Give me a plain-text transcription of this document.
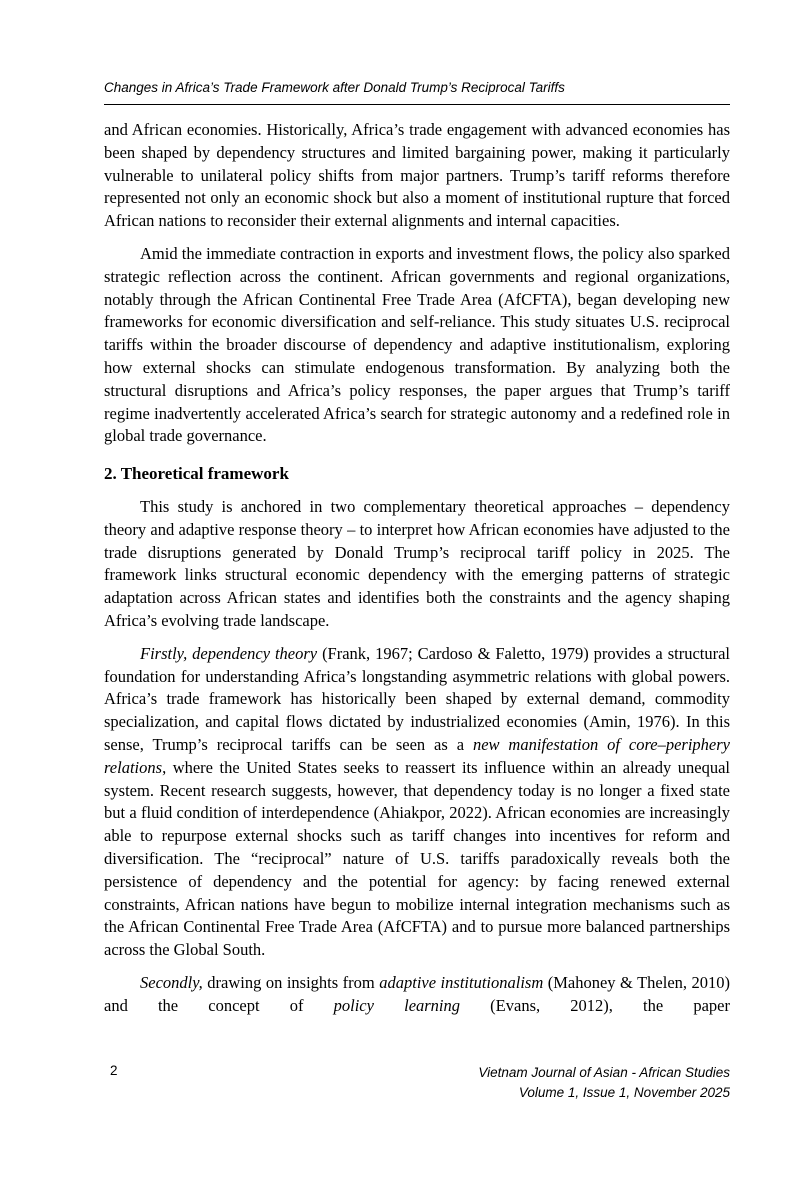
Changes in Africa’s Trade Framework after Donald Trump’s Reciprocal Tariffs

and African economies. Historically, Africa’s trade engagement with advanced economies has been shaped by dependency structures and limited bargaining power, making it particularly vulnerable to unilateral policy shifts from major partners. Trump’s tariff reforms therefore represented not only an economic shock but also a moment of institutional rupture that forced African nations to reconsider their external alignments and internal capacities.

Amid the immediate contraction in exports and investment flows, the policy also sparked strategic reflection across the continent. African governments and regional organizations, notably through the African Continental Free Trade Area (AfCFTA), began developing new frameworks for economic diversification and self-reliance. This study situates U.S. reciprocal tariffs within the broader discourse of dependency and adaptive institutionalism, exploring how external shocks can stimulate endogenous transformation. By analyzing both the structural disruptions and Africa’s policy responses, the paper argues that Trump’s tariff regime inadvertently accelerated Africa’s search for strategic autonomy and a redefined role in global trade governance.

2. Theoretical framework

This study is anchored in two complementary theoretical approaches – dependency theory and adaptive response theory – to interpret how African economies have adjusted to the trade disruptions generated by Donald Trump’s reciprocal tariff policy in 2025. The framework links structural economic dependency with the emerging patterns of strategic adaptation across African states and identifies both the constraints and the agency shaping Africa’s evolving trade landscape.

Firstly, dependency theory (Frank, 1967; Cardoso & Faletto, 1979) provides a structural foundation for understanding Africa’s longstanding asymmetric relations with global powers. Africa’s trade framework has historically been shaped by external demand, commodity specialization, and capital flows dictated by industrialized economies (Amin, 1976). In this sense, Trump’s reciprocal tariffs can be seen as a new manifestation of core–periphery relations, where the United States seeks to reassert its influence within an already unequal system. Recent research suggests, however, that dependency today is no longer a fixed state but a fluid condition of interdependence (Ahiakpor, 2022). African economies are increasingly able to repurpose external shocks such as tariff changes into incentives for reform and diversification. The “reciprocal” nature of U.S. tariffs paradoxically reveals both the persistence of dependency and the potential for agency: by facing renewed external constraints, African nations have begun to mobilize internal integration mechanisms such as the African Continental Free Trade Area (AfCFTA) and to pursue more balanced partnerships across the Global South.

Secondly, drawing on insights from adaptive institutionalism (Mahoney & Thelen, 2010) and the concept of policy learning (Evans, 2012), the paper

2	Vietnam Journal of Asian - African Studies
Volume 1, Issue 1, November 2025
